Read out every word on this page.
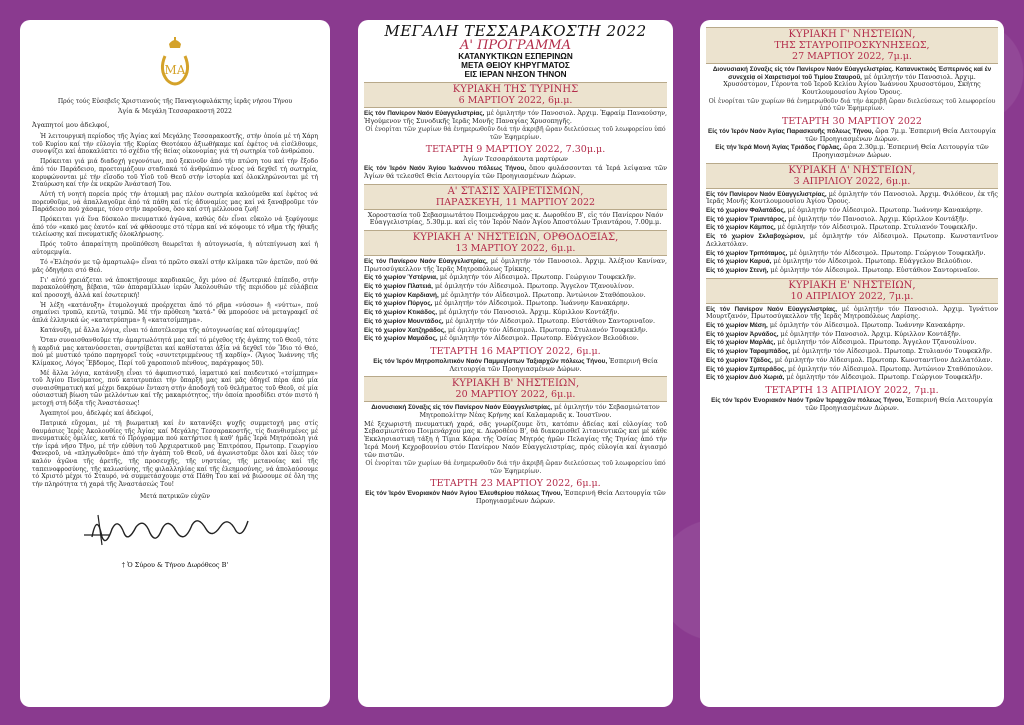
ΜΑ

Πρός τούς Εὐσεβεῖς Χριστιανούς τῆς Παναγιοφυλάκτης ἱερᾶς νήσου Τήνου

Ἁγία & Μεγάλη Τεσσαρακοστή 2022

Ἀγαπητοί μου ἀδελφοί,

Ἡ λειτουργική περίοδος τῆς Ἁγίας καί Μεγάλης Τεσσαρακοστῆς, στήν ὁποία μέ τή Χάρη τοῦ Κυρίου καί τήν εὐλογία τῆς Κυρίας Θεοτόκου ἀξιωθήκαμε καί ἐφέτος νά εἰσέλθουμε, συνοψίζει καί ἀποκαλύπτει τό σχέδιο τῆς θείας οἰκονομίας γιά τή σωτηρία τοῦ ἀνθρώπου.

Πρόκειται γιά μιά διαδοχή γεγονότων, πού ξεκινοῦν ἀπό τήν πτώση του καί τήν ἔξοδο ἀπό τόν Παράδεισο, προετοιμάζουν σταδιακά τό ἀνθρώπινο γένος νά δεχθεῖ τή σωτηρία, κορυφώνονται μέ τήν εἴσοδο τοῦ Υἱοῦ τοῦ Θεοῦ στήν ἱστορία καί ὁλοκληρώνονται μέ τή Σταύρωση καί τήν ἐκ νεκρῶν Ἀνάστασή Του.

Αὐτή τή νοητή πορεία πρός τήν ἀτομική μας πλέον σωτηρία καλούμεθα καί ἐφέτος νά πορευθοῦμε, νά ἀπαλλαγοῦμε ἀπό τά πάθη καί τίς ἀδυναμίες μας καί νά ξαναβροῦμε τόν Παράδεισο πού χάσαμε, τόσο στήν παροῦσα, ὅσο καί στή μέλλουσα ζωή!

Πρόκειται γιά ἕνα δύσκολο πνευματικό ἀγῶνα, καθώς δέν εἶναι εὔκολο νά ξεφύγουμε ἀπό τόν «κακό μας ἑαυτό» καί νά φθάσουμε στό τέρμα καί νά κόψουμε τό νῆμα τῆς ἠθικῆς τελείωσης καί πνευματικῆς ὁλοκλήρωσης.

Πρός τοῦτο ἀπαραίτητη προϋπόθεση θεωρεῖται ἡ αὐτογνωσία, ἡ αὐτεπίγνωση καί ἡ αὐτομεμψία.

Τό «Ἐλέησόν με τῷ ἁμαρτωλῷ» εἶναι τό πρῶτο σκαλί στήν κλίμακα τῶν ἀρετῶν, πού θά μᾶς ὁδηγήσει στό Θεό.

Γι' αὐτό χρειάζεται νά ἀποκτήσουμε καρδιακῶς, ὄχι μόνο σέ ἐξωτερικό ἐπίπεδο, στήν παρακολούθηση, βέβαια, τῶν ἀπαραμίλλων ἱερῶν Ἀκολουθιῶν τῆς περιόδου μέ εὐλάβεια καί προσοχή, ἀλλά καί ἐσωτερική!

Ἡ λέξη «κατάνυξη» ἐτυμολογικά προέρχεται ἀπό τό ρῆμα «νύσσω» ἤ «νύττω», πού σημαίνει τρυπῶ, κεντῶ, τσιμπῶ. Μέ τήν πρόθεση "κατά-" θά μπορούσε νά μεταγραφεῖ σέ ἁπλά ἑλληνικά ὡς «κατατρύπημα» ἤ «κατατσίμπημα».

Κατάνυξη, μέ ἄλλα λόγια, εἶναι τό ἀποτέλεσμα τῆς αὐτογνωσίας καί αὐτομεμψίας!

Ὅταν συναισθανθοῦμε τήν ἁμαρτωλότητά μας καί τό μέγεθος τῆς ἀγάπης τοῦ Θεοῦ, τότε ἡ καρδιά μας κατανύσσεται, συντρίβεται καί καθίσταται ἀξία νά δεχθεῖ τόν Ἴδιο τό Θεό, πού μέ μυστικό τρόπο παρηγορεῖ τούς «συντετριμμένους τῇ καρδίᾳ». (Ἅγιος Ἰωάννης τῆς Κλίμακος, Λόγος Ἕβδομος, Περί τοῦ χαροποιοῦ πένθους, παράγραφος 50).

Μέ ἄλλα λόγια, κατάνυξη εἶναι τό ἀφυπνιστικό, ἰαματικό καί παιδευτικό «τσίμπημα» τοῦ Ἁγίου Πνεύματος, πού κατατρυπάει τήν ὕπαρξή μας καί μᾶς ὁδηγεῖ πέρα ἀπό μία συναισθηματική καί μέχρι δακρύων ἔνταση στήν ἀποδοχή τοῦ θελήματος τοῦ Θεοῦ, σέ μία οὐσιαστική βίωση τῶν μελλόντων καί τῆς μακαριότητος, τήν ὁποία προσδίδει στόν πιστό ἡ μετοχή στή δόξα τῆς Ἀναστάσεως!

Ἀγαπητοί μου, ἀδελφές καί ἀδελφοί,

Πατρικά εὔχομαι, μέ τή βιωματική καί ἐν κατανύξει ψυχῆς συμμετοχή μας στίς θαυμάσιες Ἱερές Ἀκολουθίες τῆς Ἁγίας καί Μεγάλης Τεσσαρακοστῆς, τίς διανθισμένες μέ πνευματικές ὁμιλίες, κατά τό Πρόγραμμα πού κατήρτισε ἡ καθ' ἡμᾶς Ἱερά Μητρόπολη γιά τήν ἱερά νῆσο Τῆνο, μέ τήν εὐθύνη τοῦ Ἀρχιερατικοῦ μας Ἐπιτρόπου, Πρωτοπρ. Γεωργίου Φανεροῦ, νά «πληγωθοῦμε» ἀπό τήν ἀγάπη τοῦ Θεοῦ, νά ἀγωνιστοῦμε ὅλοι καί ὅλες τόν καλόν ἀγῶνα τῆς ἀρετῆς, τῆς προσευχῆς, τῆς νηστείας, τῆς μετανοίας καί τῆς ταπεινοφροσύνης, τῆς καλωσύνης, τῆς φιλαλληλίας καί τῆς ἐλεημοσύνης, νά ἀπολαύσουμε τό Χριστό μέχρι τό Σταυρό, νά συμμετάσχουμε στά Πάθη Του καί νά βιώσουμε σέ ὅλη της τήν πληρότητα τή χαρά τῆς Ἀναστάσεώς Του!

Μετά πατρικῶν εὐχῶν

† Ὁ Σύρου & Τήνου Δωρόθεος Β'
ΜΕΓΑΛΗ ΤΕΣΣΑΡΑΚΟΣΤΗ 2022
Α' ΠΡΟΓΡΑΜΜΑ
ΚΑΤΑΝΥΚΤΙΚΩΝ ΕΣΠΕΡΙΝΩΝ
ΜΕΤΑ ΘΕΙΟΥ ΚΗΡΥΓΜΑΤΟΣ
ΕΙΣ ΙΕΡΑΝ ΝΗΣΟΝ ΤΗΝΟΝ
ΚΥΡΙΑΚΗ ΤΗΣ ΤΥΡΙΝΗΣ
6 ΜΑΡΤΙΟΥ 2022, 6μ.μ.

Εἰς τόν Πανίερον Ναόν Εὐαγγελιστρίας, μέ ὁμιλητήν τόν Πανοσιολ. Ἀρχιμ. Ἐφραίμ Παναούσην, Ἡγούμενον τῆς Συνοδικῆς Ἱερᾶς Μονῆς Παναγίας Χρυσοπηγῆς.

Οἱ ἐνορίται τῶν χωρίων θά ἐνημερωθοῦν διά τήν ἀκριβῆ ὥραν διελεύσεως τοῦ λεωφορείου ὑπό τῶν Ἐφημερίων.

ΤΕΤΑΡΤΗ 9 ΜΑΡΤΙΟΥ 2022, 7.30μ.μ.

Ἁγίων Τεσσαράκοντα μαρτύρων

Εἰς τόν Ἱερόν Ναόν Ἁγίου Ἰωάννου πόλεως Τήνου, ὅπου φυλάσσονται τά Ἱερά λείψανα τῶν Ἁγίων θά τελεσθεῖ Θεία Λειτουργία τῶν Προηγιασμένων Δώρων.

Α' ΣΤΑΣΙΣ ΧΑΙΡΕΤΙΣΜΩΝ,
ΠΑΡΑΣΚΕΥΗ, 11 ΜΑΡΤΙΟΥ 2022

Χοροστασία τοῦ Σεβασμιωτάτου Ποιμενάρχου μας κ. Δωροθέου Β', εἰς τόν Πανίερον Ναόν Εὐαγγελιστρίας, 5.30μ.μ. καί εἰς τόν Ἱερόν Ναόν Ἁγίου Ἀποστόλων Τριαντάρου, 7.00μ.μ.

ΚΥΡΙΑΚΗ Α' ΝΗΣΤΕΙΩΝ, ΟΡΘΟΔΟΞΙΑΣ,
13 ΜΑΡΤΙΟΥ 2022, 6μ.μ.

Εἰς τόν Πανίερον Ναόν Εὐαγγελιστρίας, μέ ὁμιλητήν τόν Πανοσιολ. Ἀρχιμ. Ἀλέξιον Κανίναν, Πρωτοσύγκελλον τῆς Ἱερᾶς Μητροπόλεως Τρίκκης.

Εἰς τό χωρίον Ὑστέρνια, μέ ὁμιλητήν τόν Αἰδεσιμολ. Πρωτοπρ. Γεώργιον Τουφεκλῆν.

Εἰς τό χωρίον Πλατειά, μέ ὁμιλητήν τόν Αἰδεσιμολ. Πρωτοπρ. Ἄγγελον Τζανουλίνον.

Εἰς τό χωρίον Καρδιανή, μέ ὁμιλητήν τόν Αἰδεσιμολ. Πρωτοπρ. Ἀντώνιον Σταθόπουλον.

Εἰς τό χωρίον Πύργος, μέ ὁμιλητήν τόν Αἰδεσιμολ. Πρωτοπρ. Ἰωάννην Κανακάρην.

Εἰς τό χωρίον Κτικάδος, μέ ὁμιλητήν τόν Πανοσιολ. Ἀρχιμ. Κύριλλον Κοντάξῆν.

Εἰς τό χωρίον Μουντάδος, μέ ὁμιλητήν τόν Αἰδεσιμολ. Πρωτοπρ. Εὐστάθιον Σαντοριναῖον.

Εἰς τό χωρίον Χατζηράδος, μέ ὁμιλητήν τόν Αἰδεσιμολ. Πρωτοπρ. Στυλιανόν Τουφεκλῆν.

Εἰς τό χωρίον Μαμάδος, μέ ὁμιλητήν τόν Αἰδεσιμολ. Πρωτοπρ. Εὐάγγελον Βελούδιον.

ΤΕΤΑΡΤΗ 16 ΜΑΡΤΙΟΥ 2022, 6μ.μ.

Εἰς τόν Ἱερόν Μητροπολιτικόν Ναόν Παμμεγίστων Ταξιαρχῶν πόλεως Τήνου, Ἑσπερινή Θεία Λειτουργία τῶν Προηγιασμένων Δώρων.

ΚΥΡΙΑΚΗ Β' ΝΗΣΤΕΙΩΝ,
20 ΜΑΡΤΙΟΥ 2022, 6μ.μ.

Διονυσιακή Σύναξις εἰς τόν Πανίερον Ναόν Εὐαγγελιστρίας, μέ ὁμιλητήν τόν Σεβασμιώτατον Μητροπολίτην Νέας Κρήνης καί Καλαμαριᾶς κ. Ἰουστῖνον.

Μέ ξεχωριστή πνευματική χαρά, σᾶς γνωρίζουμε ὅτι, κατόπιν ἀδείας καί εὐλογίας τοῦ Σεβασμιωτάτου Ποιμενάρχου μας κ. Δωροθέου Β', θά διακομισθεῖ λιτανευτικῶς καί μέ κάθε Ἐκκλησιαστική τάξη ἡ Τίμια Κάρα τῆς Ὁσίας Μητρός ἡμῶν Πελαγίας τῆς Τηνίας ἀπό τήν Ἱερά Μονή Κεχροβουνίου στόν Πανίερον Ναόν Εὐαγγελιστρίας, πρός εὐλογία καί ἁγιασμό τῶν πιστῶν.

Οἱ ἐνορίται τῶν χωρίων θά ἐνημερωθοῦν διά τήν ἀκριβῆ ὥραν διελεύσεως τοῦ λεωφορείου ὑπό τῶν Ἐφημερίων.

ΤΕΤΑΡΤΗ 23 ΜΑΡΤΙΟΥ 2022, 6μ.μ.

Εἰς τόν Ἱερόν Ἐνοριακόν Ναόν Ἁγίου Ἐλευθερίου πόλεως Τήνου, Ἑσπερινή Θεία Λειτουργία τῶν Προηγιασμένων Δώρων.

ΚΥΡΙΑΚΗ Γ' ΝΗΣΤΕΙΩΝ,
ΤΗΣ ΣΤΑΥΡΟΠΡΟΣΚΥΝΗΣΕΩΣ,
27 ΜΑΡΤΙΟΥ 2022, 7μ.μ.

Διονυσιακή Σύναξις εἰς τόν Πανίερον Ναόν Εὐαγγελιστρίας. Κατανυκτικός Ἑσπερινός καί ἐν συνεχείᾳ οἱ Χαιρετισμοί τοῦ Τιμίου Σταυροῦ, μέ ὁμιλητήν τόν Πανοσιολ. Ἀρχιμ. Χρυσόστομον, Γέροντα τοῦ Ἱεροῦ Κελίου Ἁγίου Ἰωάννου Χρυσοστόμου, Σκήτης Κουτλουμουσίου Ἁγίου Ὄρους.

Οἱ ἐνορίται τῶν χωρίων θά ἐνημερωθοῦν διά τήν ἀκριβῆ ὥραν διελεύσεως τοῦ λεωφορείου ὑπό τῶν Ἐφημερίων.

ΤΕΤΑΡΤΗ 30 ΜΑΡΤΙΟΥ 2022

Εἰς τόν Ἱερόν Ναόν Ἁγίας Παρασκευῆς πόλεως Τήνου, ὥρα 7μ.μ. Ἑσπερινή Θεία Λειτουργία τῶν Προηγιασμένων Δώρων.

Εἰς τήν Ἱερά Μονή Ἁγίας Τριάδος Γύρλας, ὥρα 2.30μ.μ. Ἑσπερινή Θεία Λειτουργία τῶν Προηγιασμένων Δώρων.

ΚΥΡΙΑΚΗ Δ' ΝΗΣΤΕΙΩΝ,
3 ΑΠΡΙΛΙΟΥ 2022, 6μ.μ.

Εἰς τόν Πανίερον Ναόν Εὐαγγελιστρίας, μέ ὁμιλητήν τόν Πανοσιολ. Ἀρχιμ. Φιλόθεον, ἐκ τῆς Ἱερᾶς Μονῆς Κουτλουμουσίου Ἁγίου Ὄρους.

Εἰς τό χωρίον Φαλατάδος, μέ ὁμιλητήν τόν Αἰδεσιμολ. Πρωτοπρ. Ἰωάννην Κανακάρην.

Εἰς τό χωρίον Τριαντάρος, μέ ὁμιλητήν τόν Πανοσιολ. Ἀρχιμ. Κύριλλον Κοντάξῆν.

Εἰς τό χωρίον Κάμπος, μέ ὁμιλητήν τόν Αἰδεσιμολ. Πρωτοπρ. Στυλιανόν Τουφεκλῆν.

Εἰς τό χωρίον Σκλαβοχώριον, μέ ὁμιλητήν τόν Αἰδεσιμολ. Πρωτοπρ. Κωνσταντῖνον Δελλατόλαν.

Εἰς τό χωρίον Τριπόταμος, μέ ὁμιλητήν τόν Αἰδεσιμολ. Πρωτοπρ. Γεώργιον Τουφεκλῆν.

Εἰς τό χωρίον Καρυά, μέ ὁμιλητήν τόν Αἰδεσιμολ. Πρωτοπρ. Εὐάγγελον Βελούδιον.

Εἰς τό χωρίον Στενή, μέ ὁμιλητήν τόν Αἰδεσιμολ. Πρωτοπρ. Εὐστάθιον Σαντοριναῖον.

ΚΥΡΙΑΚΗ Ε' ΝΗΣΤΕΙΩΝ,
10 ΑΠΡΙΛΙΟΥ 2022, 7μ.μ.

Εἰς τόν Πανίερον Ναόν Εὐαγγελιστρίας, μέ ὁμιλητήν τόν Πανοσιολ. Ἀρχιμ. Ἰγνάτιον Μουρτζανόν, Πρωτοσύγκελλον τῆς Ἱερᾶς Μητροπόλεως Λαρίσης.

Εἰς τό χωρίον Μέση, μέ ὁμιλητήν τόν Αἰδεσιμολ. Πρωτοπρ. Ἰωάννην Κανακάρην.

Εἰς τό χωρίον Ἀρνάδος, μέ ὁμιλητήν τόν Πανοσιολ. Ἀρχιμ. Κύριλλον Κοντάξῆν.

Εἰς τό χωρίον Μαρλάς, μέ ὁμιλητήν τόν Αἰδεσιμολ. Πρωτοπρ. Ἄγγελον Τζανουλίνον.

Εἰς τό χωρίον Ταραμπάδος, μέ ὁμιλητήν τόν Αἰδεσιμολ. Πρωτοπρ. Στυλιανόν Τουφεκλῆν.

Εἰς τό χωρίον Τζάδος, μέ ὁμιλητήν τόν Αἰδεσιμολ. Πρωτοπρ. Κωνσταντῖνον Δελλατόλαν.

Εἰς τό χωρίον Σμπεράδος, μέ ὁμιλητήν τόν Αἰδεσιμολ. Πρωτοπρ. Ἀντώνιον Σταθόπουλον.

Εἰς τό χωρίον Δυό Χωριά, μέ ὁμιλητήν τόν Αἰδεσιμολ. Πρωτοπρ. Γεώργιον Τουφεκλῆν.

ΤΕΤΑΡΤΗ 13 ΑΠΡΙΛΙΟΥ 2022, 7μ.μ.

Εἰς τόν Ἱερόν Ἐνοριακόν Ναόν Τριῶν Ἱεραρχῶν πόλεως Τήνου, Ἑσπερινή Θεία Λειτουργία τῶν Προηγιασμένων Δώρων.
